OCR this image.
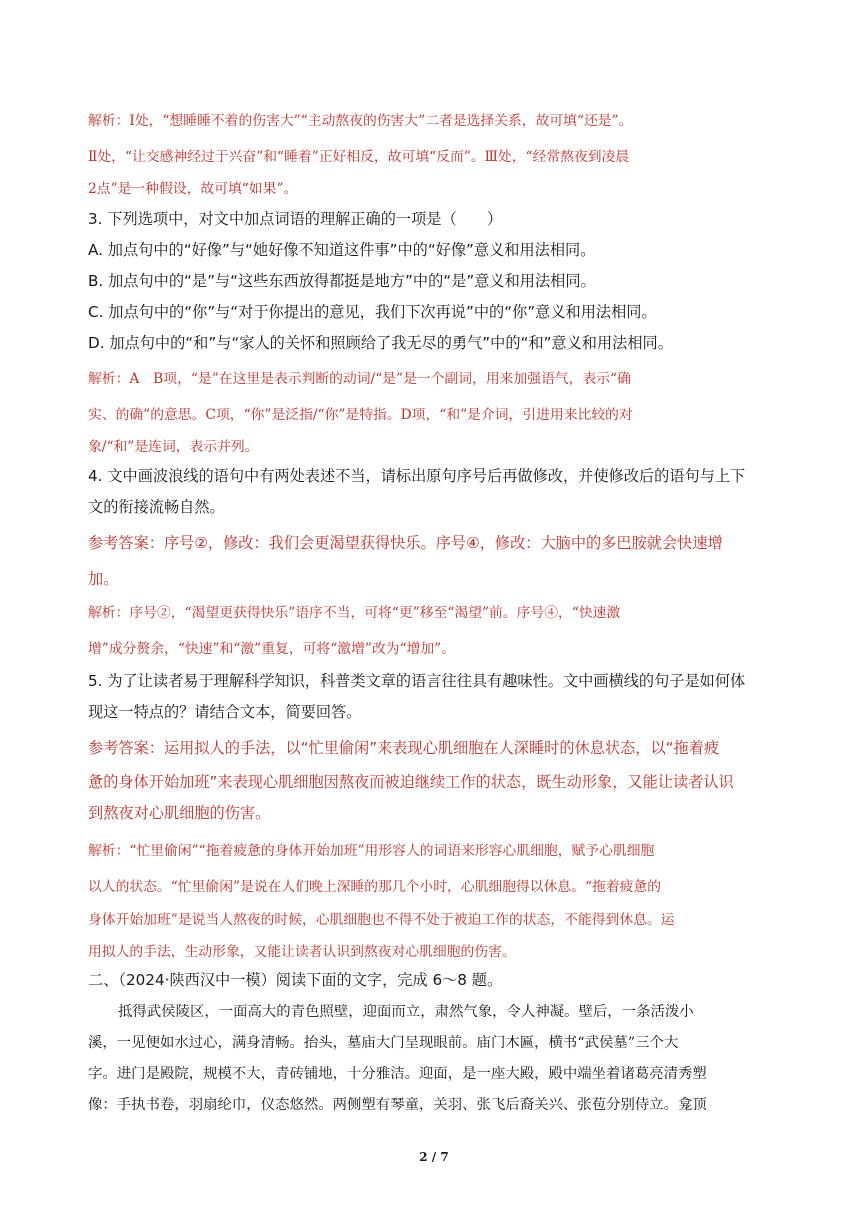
解析：Ⅰ处，“想睡睡不着的伤害大”“主动熬夜的伤害大”二者是选择关系，故可填“还是”。
Ⅱ处，“让交感神经过于兴奋”和“睡着”正好相反，故可填“反而”。Ⅲ处，“经常熬夜到凌晨
2点”是一种假设，故可填“如果”。
3. 下列选项中，对文中加点词语的理解正确的一项是（　　）
A. 加点句中的“好像”与“她好像不知道这件事”中的“好像”意义和用法相同。
B. 加点句中的“是”与“这些东西放得都挺是地方”中的“是”意义和用法相同。
C. 加点句中的“你”与“对于你提出的意见，我们下次再说”中的“你”意义和用法相同。
D. 加点句中的“和”与“家人的关怀和照顾给了我无尽的勇气”中的“和”意义和用法相同。
解析：A　B项，“是”在这里是表示判断的动词/“是”是一个副词，用来加强语气，表示“确
实、的确”的意思。C项，“你”是泛指/“你”是特指。D项，“和”是介词，引进用来比较的对
象/“和”是连词，表示并列。
4. 文中画波浪线的语句中有两处表述不当，请标出原句序号后再做修改，并使修改后的语句与上下
文的衔接流畅自然。
参考答案：序号②，修改：我们会更渴望获得快乐。序号④，修改：大脑中的多巴胺就会快速增
加。
解析：序号②，“渴望更获得快乐”语序不当，可将“更”移至“渴望”前。序号④，“快速激
增”成分赘余，“快速”和“激”重复，可将“激增”改为“增加”。
5. 为了让读者易于理解科学知识，科普类文章的语言往往具有趣味性。文中画横线的句子是如何体
现这一特点的？请结合文本，简要回答。
参考答案：运用拟人的手法，以“忙里偷闲”来表现心肌细胞在人深睡时的休息状态，以“拖着疲
惫的身体开始加班”来表现心肌细胞因熬夜而被迫继续工作的状态，既生动形象，又能让读者认识
到熬夜对心肌细胞的伤害。
解析：“忙里偷闲”“拖着疲惫的身体开始加班”用形容人的词语来形容心肌细胞，赋予心肌细胞
以人的状态。“忙里偷闲”是说在人们晚上深睡的那几个小时，心肌细胞得以休息。“拖着疲惫的
身体开始加班”是说当人熬夜的时候，心肌细胞也不得不处于被迫工作的状态，不能得到休息。运
用拟人的手法，生动形象，又能让读者认识到熬夜对心肌细胞的伤害。
二、（2024·陕西汉中一模）阅读下面的文字，完成 6～8 题。
抵得武侯陵区，一面高大的青色照壁，迎面而立，肃然气象，令人神凝。壁后，一条活泼小
溪，一见便如水过心，满身清畅。抬头，墓庙大门呈现眼前。庙门木匾，横书“武侯墓”三个大
字。进门是殿院，规模不大，青砖铺地，十分雅洁。迎面，是一座大殿，殿中端坐着诸葛亮清秀塑
像：手执书卷，羽扇纶巾，仪态悠然。两侧塑有琴童，关羽、张飞后裔关兴、张苞分别侍立。龛顶
2 / 7
